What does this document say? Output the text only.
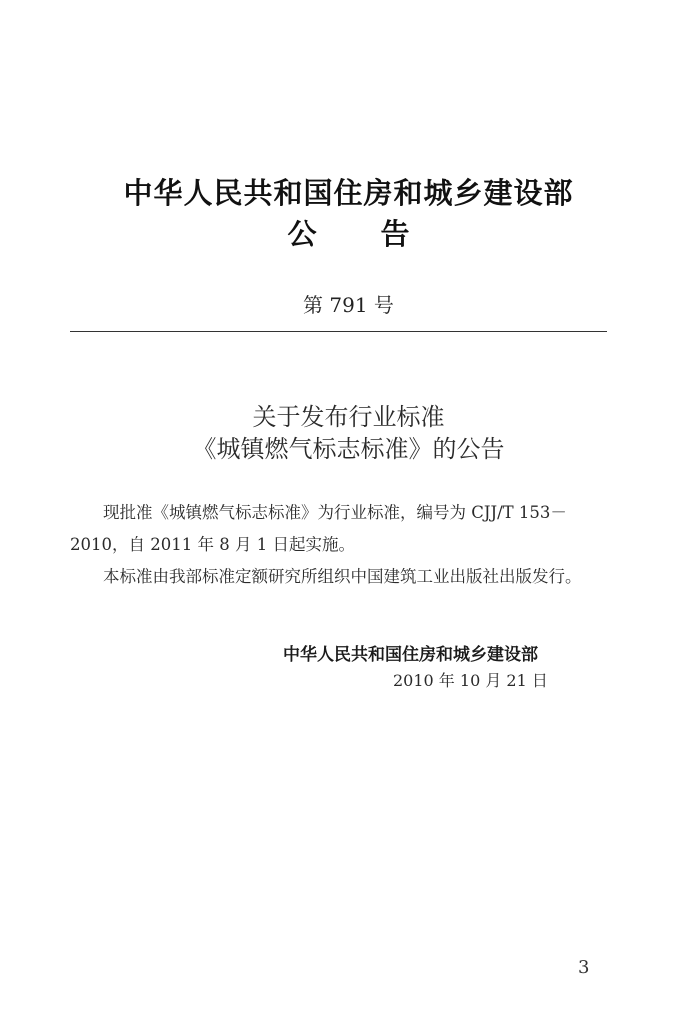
中华人民共和国住房和城乡建设部
公 告
第 791 号
关于发布行业标准
《城镇燃气标志标准》的公告
现批准《城镇燃气标志标准》为行业标准，编号为 CJJ/T 153－2010，自 2011 年 8 月 1 日起实施。
本标准由我部标准定额研究所组织中国建筑工业出版社出版发行。
中华人民共和国住房和城乡建设部
2010 年 10 月 21 日
3
